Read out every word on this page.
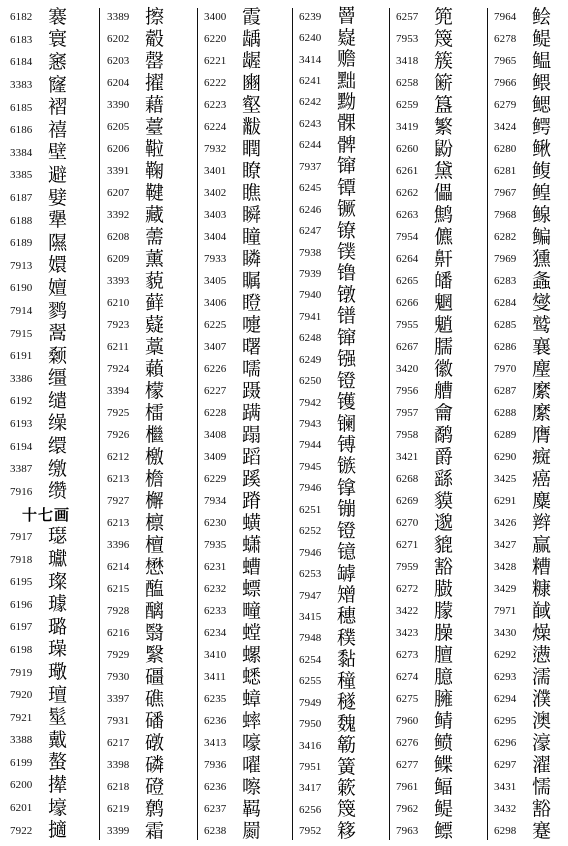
6182 褰
6183 寰
6184 窸
3383 窿
6185 褶
6186 禧
3384 壁
3385 避
6187 嬖
6188 犟
6189 隰
7913 嬛
6190 嬗
7914 鹨
7915 翯
6191 颡
3386 缰
6192 缱
6193 缲
6194 缳
3387 缴
7916 缵
十七画
7917 璱
7918 瓛
6195 璨
6196 璩
6197 璐
6198 璪
7919 璥
7920 璮
7921 髽
3388 戴
6199 螯
6200 撵
6201 壕
7922 擿
3389 擦
6202 觳
6203 罄
6204 擢
3390 藉
6205 薹
6206 鞡
3391 鞠
6207 鞬
3392 藏
6208 薷
6209 薰
3393 藐
6210 藓
7923 薿
6211 藁
7924 藾
3394 檬
7925 檑
7926 檵
6212 檄
6213 檐
7927 檞
6213 檩
3396 檀
6214 懋
6215 醢
7928 醨
6216 翳
7929 繄
7930 礓
3397 礁
7931 磻
6217 礅
3398 磷
6218 磴
6219 鹩
3399 霜
3400 霞
6220 龋
6221 龌
6222 豳
6223 壑
6224 黻
7932 瞤
3401 瞭
3402 瞧
3403 瞬
3404 瞳
7933 瞵
3405 瞩
3406 瞪
6225 嚏
3407 曙
6226 嚅
6227 蹑
6228 蹒
3408 蹋
3409 蹈
6229 蹊
7934 蹐
6230 蟥
7935 蟏
6231 螬
6232 螵
6233 疃
6234 螳
3410 螺
3411 蟋
6235 蟑
6236 蟀
3413 嚎
7936 嚁
6236 嚓
6237 羁
6238 罽
6239 罾
6240 嶷
3414 赡
6241 黜
6242 黝
6243 髁
6244 髀
7937 镩
6245 镡
6246 镢
6247 镣
7938 镤
7939 镥
7940 镦
7941 镨
6248 镩
6249 镪
6250 镫
7942 镬
7943 镧
7944 镈
7945 镞
7946 镎
6251 镚
6252 镫
7946 镱
6253 罅
7947 矰
3415 穗
7948 穙
6254 黏
6255 穜
7949 穟
7950 魏
3416 簕
7951 簧
3417 簌
6256 篾
7952 簃
6257 篼
7953 篾
3418 簇
6258 簖
6259 簋
3419 繁
6260 鼢
6261 黛
6262 儡
6263 鹪
7954 儦
6264 鼾
6265 皤
6266 魍
7955 魈
6267 臑
3420 徽
7956 艚
7957 龠
7958 鹬
3421 爵
6268 繇
6269 貘
6270 邈
6271 貔
7959 豁
6272 臌
3422 朦
3423 臊
6273 膻
6274 臆
6275 臃
7960 鲭
6276 鲼
6277 鲽
7961 鲾
7962 鳀
7963 鳔
7964 鲙
6278 鳀
7965 鳁
7966 鳂
6279 鳃
3424 鳄
6280 鳅
6281 鳆
7967 鳇
7968 鳈
6282 鳊
7969 獯
6283 螽
6284 燮
6285 鹫
6286 襄
7970 麈
6287 縻
6288 縻
6289 膺
6290 癍
3425 癌
6291 麋
3426 辫
3427 赢
3428 糟
3429 糠
7971 馘
3430 燥
6292 懑
6293 濡
6294 濮
6295 澳
6296 濠
6297 濯
3431 懦
3432 豁
6298 蹇
